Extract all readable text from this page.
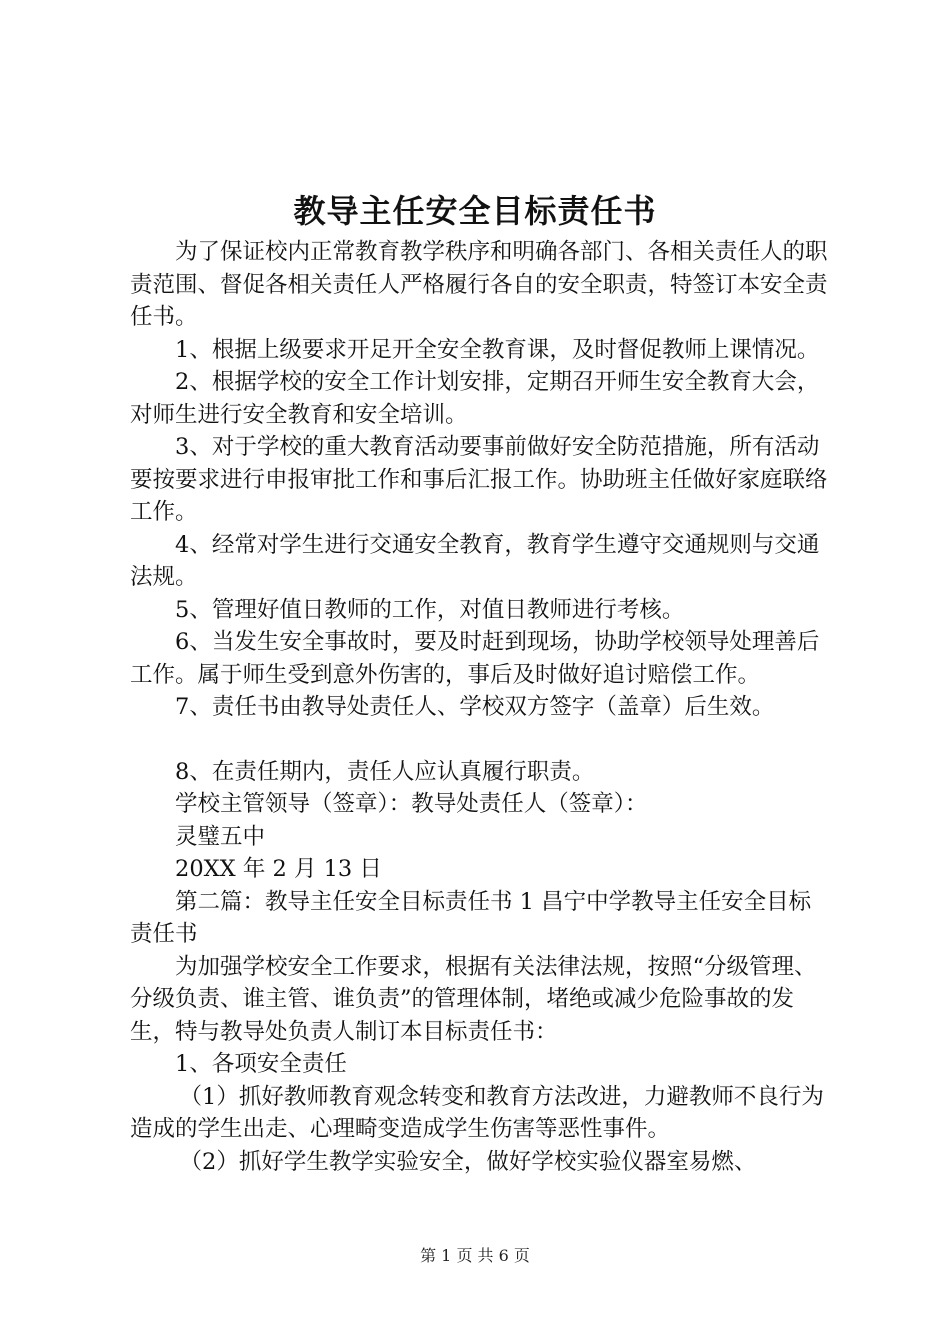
教导主任安全目标责任书

为了保证校内正常教育教学秩序和明确各部门、各相关责任人的职责范围、督促各相关责任人严格履行各自的安全职责，特签订本安全责任书。

1、根据上级要求开足开全安全教育课，及时督促教师上课情况。

2、根据学校的安全工作计划安排，定期召开师生安全教育大会，对师生进行安全教育和安全培训。

3、对于学校的重大教育活动要事前做好安全防范措施，所有活动要按要求进行申报审批工作和事后汇报工作。协助班主任做好家庭联络工作。

4、经常对学生进行交通安全教育，教育学生遵守交通规则与交通法规。

5、管理好值日教师的工作，对值日教师进行考核。

6、当发生安全事故时，要及时赶到现场，协助学校领导处理善后工作。属于师生受到意外伤害的，事后及时做好追讨赔偿工作。

7、责任书由教导处责任人、学校双方签字（盖章）后生效。

8、在责任期内，责任人应认真履行职责。

学校主管领导（签章）：教导处责任人（签章）：

灵璧五中

20XX 年 2 月 13 日

第二篇：教导主任安全目标责任书 1 昌宁中学教导主任安全目标责任书

为加强学校安全工作要求，根据有关法律法规，按照“分级管理、分级负责、谁主管、谁负责”的管理体制，堵绝或减少危险事故的发生，特与教导处负责人制订本目标责任书：

1、各项安全责任

（1）抓好教师教育观念转变和教育方法改进，力避教师不良行为造成的学生出走、心理畸变造成学生伤害等恶性事件。

（2）抓好学生教学实验安全，做好学校实验仪器室易燃、

第 1 页 共 6 页
